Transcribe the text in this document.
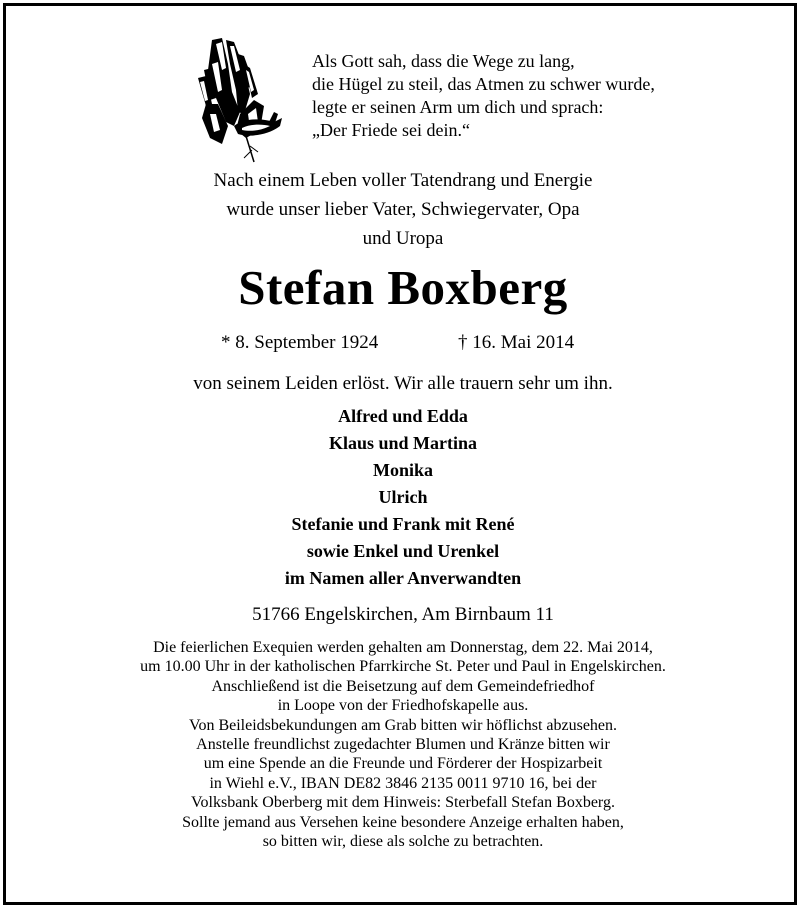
Als Gott sah, dass die Wege zu lang,
die Hügel zu steil, das Atmen zu schwer wurde,
legte er seinen Arm um dich und sprach:
„Der Friede sei dein.“
Nach einem Leben voller Tatendrang und Energie
wurde unser lieber Vater, Schwiegervater, Opa
und Uropa
Stefan Boxberg
* 8. September 1924	† 16. Mai 2014
von seinem Leiden erlöst. Wir alle trauern sehr um ihn.
Alfred und Edda
Klaus und Martina
Monika
Ulrich
Stefanie und Frank mit René
sowie Enkel und Urenkel
im Namen aller Anverwandten
51766 Engelskirchen, Am Birnbaum 11
Die feierlichen Exequien werden gehalten am Donnerstag, dem 22. Mai 2014,
um 10.00 Uhr in der katholischen Pfarrkirche St. Peter und Paul in Engelskirchen.
Anschließend ist die Beisetzung auf dem Gemeindefriedhof
in Loope von der Friedhofskapelle aus.
Von Beileidsbekundungen am Grab bitten wir höflichst abzusehen.
Anstelle freundlichst zugedachter Blumen und Kränze bitten wir
um eine Spende an die Freunde und Förderer der Hospizarbeit
in Wiehl e.V., IBAN DE82 3846 2135 0011 9710 16, bei der
Volksbank Oberberg mit dem Hinweis: Sterbefall Stefan Boxberg.
Sollte jemand aus Versehen keine besondere Anzeige erhalten haben,
so bitten wir, diese als solche zu betrachten.
